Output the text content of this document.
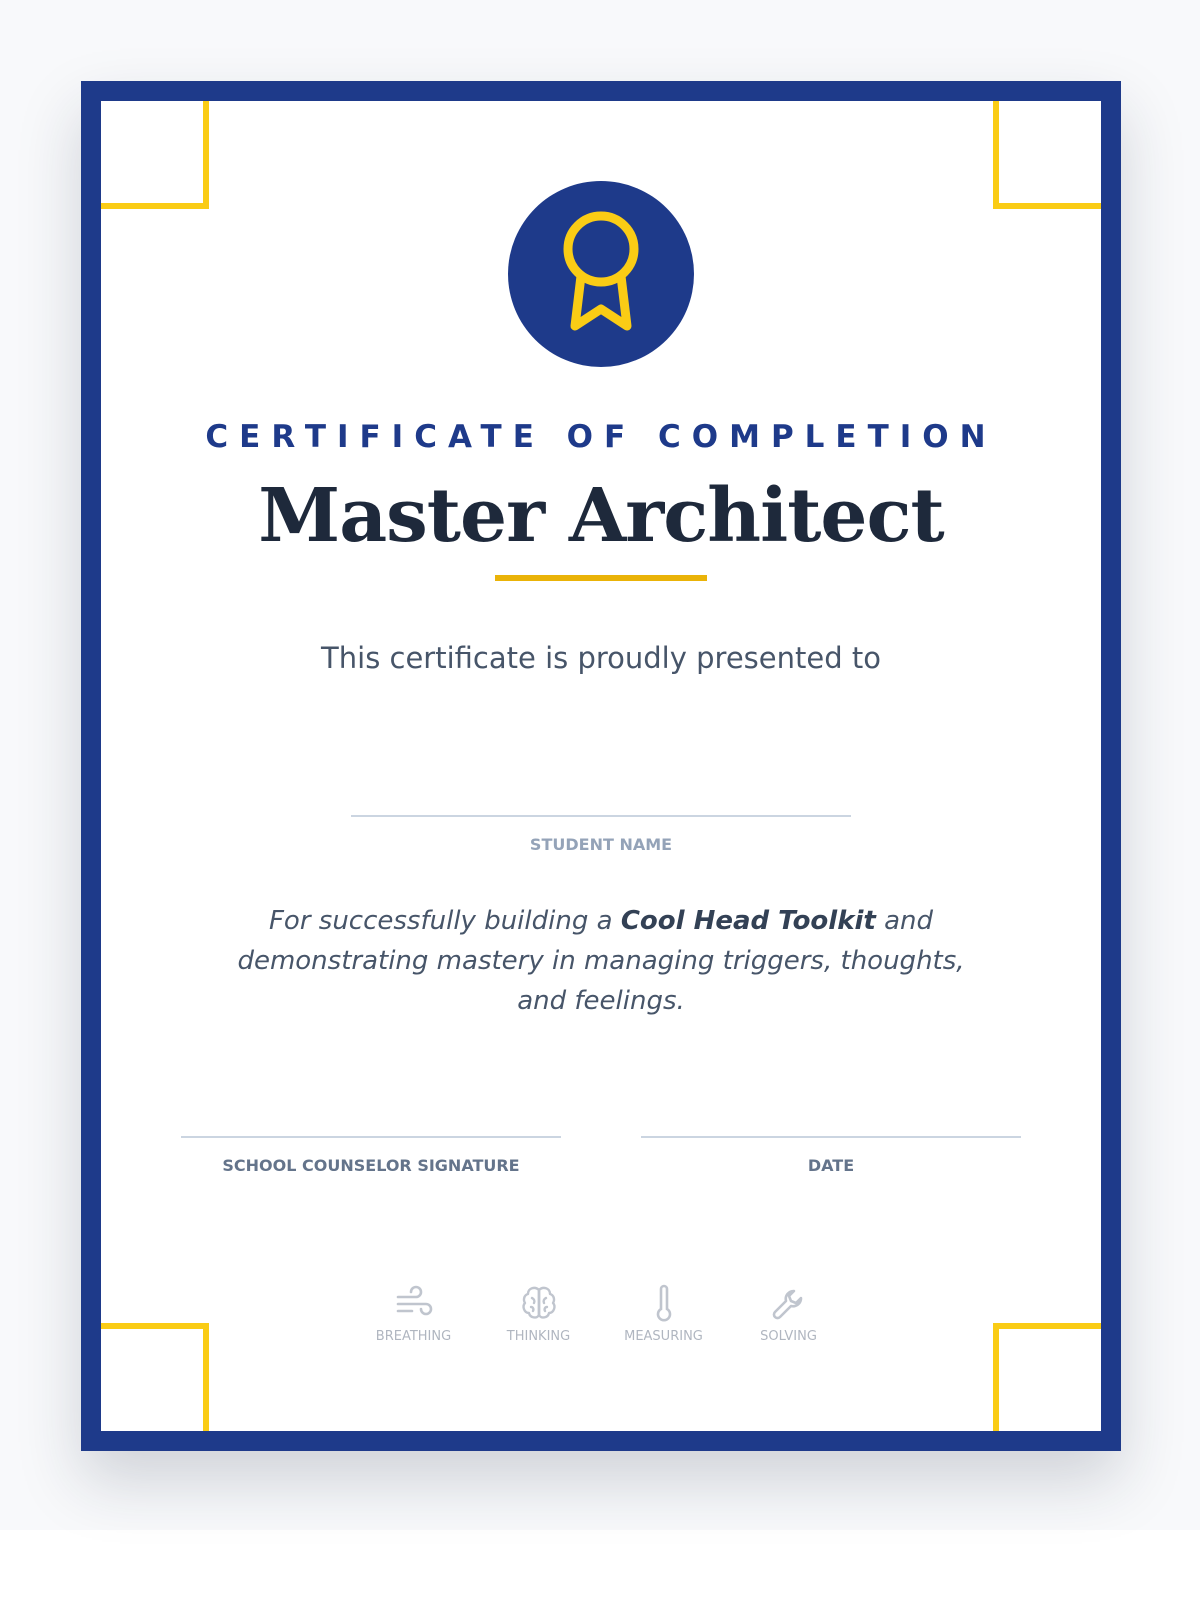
CERTIFICATE OF COMPLETION
Master Architect
This certificate is proudly presented to
STUDENT NAME
For successfully building a Cool Head Toolkit and demonstrating mastery in managing triggers, thoughts, and feelings.
SCHOOL COUNSELOR SIGNATURE	DATE
BREATHING	THINKING	MEASURING	SOLVING
